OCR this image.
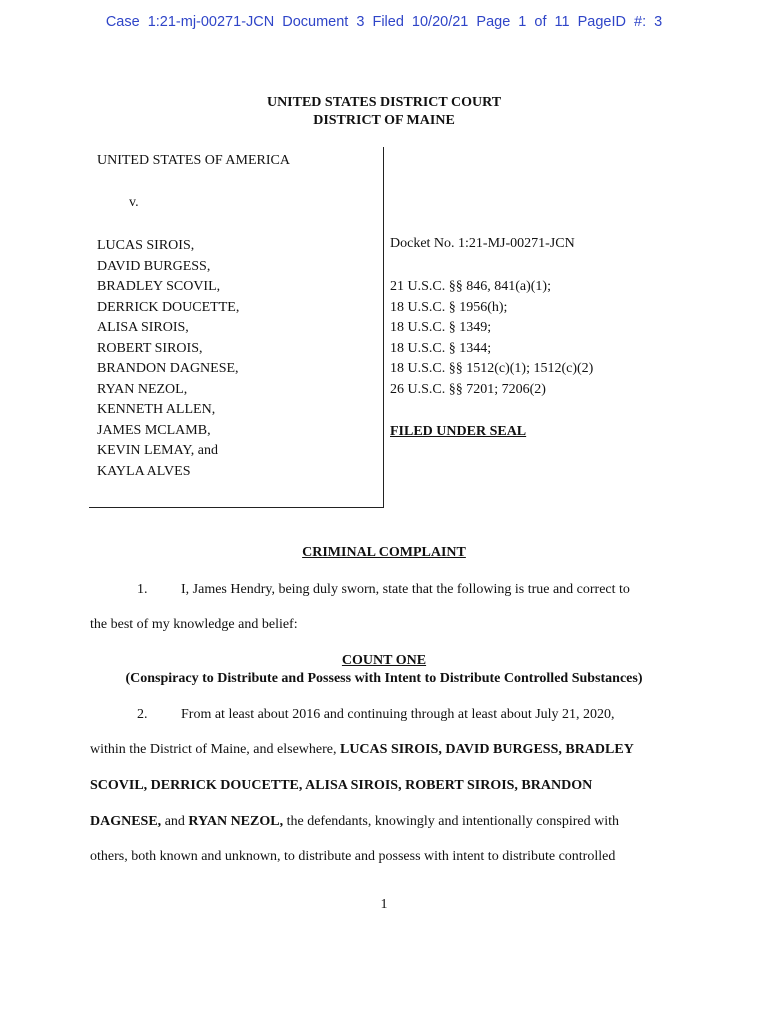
Case 1:21-mj-00271-JCN Document 3 Filed 10/20/21 Page 1 of 11 PageID #: 3
UNITED STATES DISTRICT COURT
DISTRICT OF MAINE
UNITED STATES OF AMERICA
v.
LUCAS SIROIS,
DAVID BURGESS,
BRADLEY SCOVIL,
DERRICK DOUCETTE,
ALISA SIROIS,
ROBERT SIROIS,
BRANDON DAGNESE,
RYAN NEZOL,
KENNETH ALLEN,
JAMES MCLAMB,
KEVIN LEMAY, and
KAYLA ALVES
Docket No. 1:21-MJ-00271-JCN
21 U.S.C. §§ 846, 841(a)(1);
18 U.S.C. § 1956(h);
18 U.S.C. § 1349;
18 U.S.C. § 1344;
18 U.S.C. §§ 1512(c)(1); 1512(c)(2)
26 U.S.C. §§ 7201; 7206(2)
FILED UNDER SEAL
CRIMINAL COMPLAINT
1. I, James Hendry, being duly sworn, state that the following is true and correct to
the best of my knowledge and belief:
COUNT ONE
(Conspiracy to Distribute and Possess with Intent to Distribute Controlled Substances)
2. From at least about 2016 and continuing through at least about July 21, 2020,
within the District of Maine, and elsewhere, LUCAS SIROIS, DAVID BURGESS, BRADLEY
SCOVIL, DERRICK DOUCETTE, ALISA SIROIS, ROBERT SIROIS, BRANDON
DAGNESE, and RYAN NEZOL, the defendants, knowingly and intentionally conspired with
others, both known and unknown, to distribute and possess with intent to distribute controlled
1
